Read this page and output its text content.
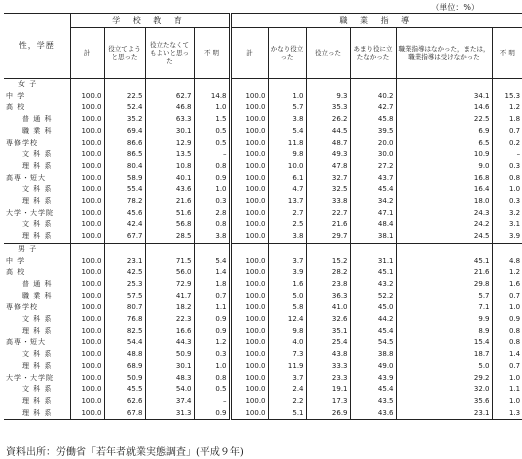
（単位：%）
性，学歴	学 校 教 育				職 業 指 導					
	計	役立てようと思った	役立たなくてもよいと思った	不 明	計	かなり役立った	役立った	あまり役に立たなかった	職業指導はなかった，または，職業指導は受けなかった	不 明
女 子										
中 学	100.0	22.5	62.7	14.8	100.0	1.0	9.3	40.2	34.1	15.3
高 校	100.0	52.4	46.8	1.0	100.0	5.7	35.3	42.7	14.6	1.2
普 通 科	100.0	35.2	63.3	1.5	100.0	3.8	26.2	45.8	22.5	1.8
職 業 科	100.0	69.4	30.1	0.5	100.0	5.4	44.5	39.5	6.9	0.7
専修学校	100.0	86.6	12.9	0.5	100.0	11.8	48.7	20.0	6.5	0.2
文 科 系	100.0	86.5	13.5	–	100.0	9.8	49.3	30.0	10.9	–
理 科 系	100.0	80.4	10.8	0.8	100.0	10.0	47.8	27.2	9.0	0.3
高専・短大	100.0	58.9	40.1	0.9	100.0	6.1	32.7	43.7	16.8	0.8
文 科 系	100.0	55.4	43.6	1.0	100.0	4.7	32.5	45.4	16.4	1.0
理 科 系	100.0	78.2	21.6	0.3	100.0	13.7	33.8	34.2	18.0	0.3
大学・大学院	100.0	45.6	51.6	2.8	100.0	2.7	22.7	47.1	24.3	3.2
文 科 系	100.0	42.4	56.8	0.8	100.0	2.5	21.6	48.4	24.2	3.1
理 科 系	100.0	67.7	28.5	3.8	100.0	3.8	29.7	38.1	24.5	3.9
男 子										
中 学	100.0	23.1	71.5	5.4	100.0	3.7	15.2	31.1	45.1	4.8
高 校	100.0	42.5	56.0	1.4	100.0	3.9	28.2	45.1	21.6	1.2
普 通 科	100.0	25.3	72.9	1.8	100.0	1.6	23.8	43.2	29.8	1.6
職 業 科	100.0	57.5	41.7	0.7	100.0	5.0	36.3	52.2	5.7	0.7
専修学校	100.0	80.7	18.2	1.1	100.0	5.8	41.0	45.0	7.1	1.0
文 科 系	100.0	76.8	22.3	0.9	100.0	12.4	32.6	44.2	9.9	0.9
理 科 系	100.0	82.5	16.6	0.9	100.0	9.8	35.1	45.4	8.9	0.8
高専・短大	100.0	54.4	44.3	1.2	100.0	4.0	25.4	54.5	15.4	0.8
文 科 系	100.0	48.8	50.9	0.3	100.0	7.3	43.8	38.8	18.7	1.4
理 科 系	100.0	68.9	30.1	1.0	100.0	11.9	33.3	49.0	5.0	0.7
大学・大学院	100.0	50.9	48.3	0.8	100.0	3.7	23.3	43.9	29.2	1.0
文 科 系	100.0	45.5	54.0	0.5	100.0	2.4	19.1	45.4	32.0	1.1
理 科 系	100.0	62.6	37.4	–	100.0	2.2	17.3	43.5	35.6	1.0
理 科 系	100.0	67.8	31.3	0.9	100.0	5.1	26.9	43.6	23.1	1.3
資料出所：労働省「若年者就業実態調査」(平成９年)
